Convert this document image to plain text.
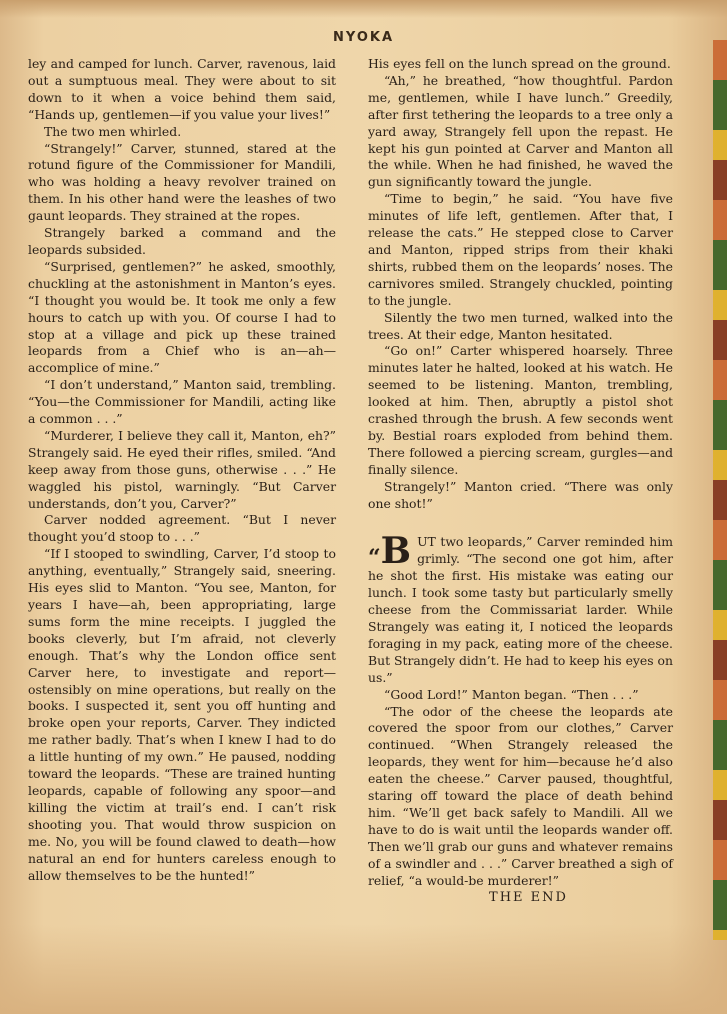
NYOKA

ley and camped for lunch. Carver, ravenous, laid out a sumptuous meal. They were about to sit down to it when a voice behind them said, “Hands up, gentlemen—if you value your lives!”

The two men whirled.

“Strangely!” Carver, stunned, stared at the rotund figure of the Commissioner for Mandili, who was holding a heavy revolver trained on them. In his other hand were the leashes of two gaunt leopards. They strained at the ropes.

Strangely barked a command and the leopards subsided.

“Surprised, gentlemen?” he asked, smoothly, chuckling at the astonishment in Manton’s eyes. “I thought you would be. It took me only a few hours to catch up with you. Of course I had to stop at a village and pick up these trained leopards from a Chief who is an—ah—accomplice of mine.”

“I don’t understand,” Manton said, trembling. “You—the Commissioner for Mandili, acting like a common . . .”

“Murderer, I believe they call it, Manton, eh?” Strangely said. He eyed their rifles, smiled. “And keep away from those guns, otherwise . . .” He waggled his pistol, warningly. “But Carver understands, don’t you, Carver?”

Carver nodded agreement. “But I never thought you’d stoop to . . .”

“If I stooped to swindling, Carver, I’d stoop to anything, eventually,” Strangely said, sneering. His eyes slid to Manton. “You see, Manton, for years I have—ah, been appropriating, large sums form the mine receipts. I juggled the books cleverly, but I’m afraid, not cleverly enough. That’s why the London office sent Carver here, to investigate and report—ostensibly on mine operations, but really on the books. I suspected it, sent you off hunting and broke open your reports, Carver. They indicted me rather badly. That’s when I knew I had to do a little hunting of my own.” He paused, nodding toward the leopards. “These are trained hunting leopards, capable of following any spoor—and killing the victim at trail’s end. I can’t risk shooting you. That would throw suspicion on me. No, you will be found clawed to death—how natural an end for hunters careless enough to allow themselves to be the hunted!”

His eyes fell on the lunch spread on the ground.

“Ah,” he breathed, “how thoughtful. Pardon me, gentlemen, while I have lunch.” Greedily, after first tethering the leopards to a tree only a yard away, Strangely fell upon the repast. He kept his gun pointed at Carver and Manton all the while. When he had finished, he waved the gun significantly toward the jungle.

“Time to begin,” he said. “You have five minutes of life left, gentlemen. After that, I release the cats.” He stepped close to Carver and Manton, ripped strips from their khaki shirts, rubbed them on the leopards’ noses. The carnivores smiled. Strangely chuckled, pointing to the jungle.

Silently the two men turned, walked into the trees. At their edge, Manton hesitated.

“Go on!” Carter whispered hoarsely. Three minutes later he halted, looked at his watch. He seemed to be listening. Manton, trembling, looked at him. Then, abruptly a pistol shot crashed through the brush. A few seconds went by. Bestial roars exploded from behind them. There followed a piercing scream, gurgles—and finally silence.

Strangely!” Manton cried. “There was only one shot!”

“B UT two leopards,” Carver reminded him grimly. “The second one got him, after he shot the first. His mistake was eating our lunch. I took some tasty but particularly smelly cheese from the Commissariat larder. While Strangely was eating it, I noticed the leopards foraging in my pack, eating more of the cheese. But Strangely didn’t. He had to keep his eyes on us.”

“Good Lord!” Manton began. “Then . . .”

“The odor of the cheese the leopards ate covered the spoor from our clothes,” Carver continued. “When Strangely released the leopards, they went for him—because he’d also eaten the cheese.” Carver paused, thoughtful, staring off toward the place of death behind him. “We’ll get back safely to Mandili. All we have to do is wait until the leopards wander off. Then we’ll grab our guns and whatever remains of a swindler and . . .” Carver breathed a sigh of relief, “a would-be murderer!”

THE END
